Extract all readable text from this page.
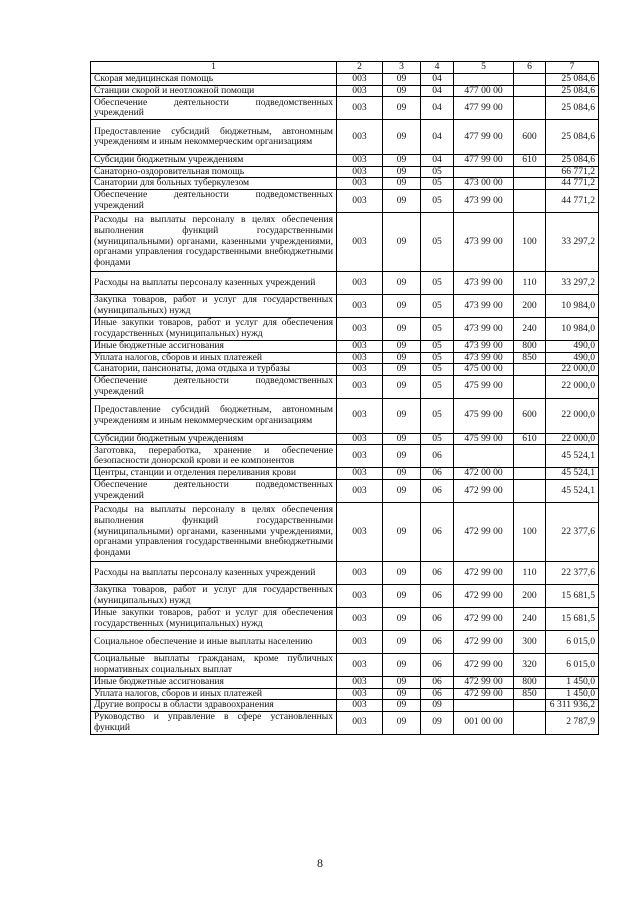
1	2	3	4	5	6	7
Скорая медицинская помощь	003	09	04			25 084,6
Станции скорой и неотложной помощи	003	09	04	477 00 00		25 084,6
Обеспечение деятельности подведомственных учреждений	003	09	04	477 99 00		25 084,6
Предоставление субсидий бюджетным, автономным учреждениям и иным некоммерческим организациям	003	09	04	477 99 00	600	25 084,6
Субсидии бюджетным учреждениям	003	09	04	477 99 00	610	25 084,6
Санаторно-оздоровительная помощь	003	09	05			66 771,2
Санатории для больных туберкулезом	003	09	05	473 00 00		44 771,2
Обеспечение деятельности подведомственных учреждений	003	09	05	473 99 00		44 771,2
Расходы на выплаты персоналу в целях обеспечения выполнения функций государственными (муниципальными) органами, казенными учреждениями, органами управления государственными внебюджетными фондами	003	09	05	473 99 00	100	33 297,2
Расходы на выплаты персоналу казенных учреждений	003	09	05	473 99 00	110	33 297,2
Закупка товаров, работ и услуг для государственных (муниципальных) нужд	003	09	05	473 99 00	200	10 984,0
Иные закупки товаров, работ и услуг для обеспечения государственных (муниципальных) нужд	003	09	05	473 99 00	240	10 984,0
Иные бюджетные ассигнования	003	09	05	473 99 00	800	490,0
Уплата налогов, сборов и иных платежей	003	09	05	473 99 00	850	490,0
Санатории, пансионаты, дома отдыха и турбазы	003	09	05	475 00 00		22 000,0
Обеспечение деятельности подведомственных учреждений	003	09	05	475 99 00		22 000,0
Предоставление субсидий бюджетным, автономным учреждениям и иным некоммерческим организациям	003	09	05	475 99 00	600	22 000,0
Субсидии бюджетным учреждениям	003	09	05	475 99 00	610	22 000,0
Заготовка, переработка, хранение и обеспечение безопасности донорской крови и ее компонентов	003	09	06			45 524,1
Центры, станции и отделения переливания крови	003	09	06	472 00 00		45 524,1
Обеспечение деятельности подведомственных учреждений	003	09	06	472 99 00		45 524,1
Расходы на выплаты персоналу в целях обеспечения выполнения функций государственными (муниципальными) органами, казенными учреждениями, органами управления государственными внебюджетными фондами	003	09	06	472 99 00	100	22 377,6
Расходы на выплаты персоналу казенных учреждений	003	09	06	472 99 00	110	22 377,6
Закупка товаров, работ и услуг для государственных (муниципальных) нужд	003	09	06	472 99 00	200	15 681,5
Иные закупки товаров, работ и услуг для обеспечения государственных (муниципальных) нужд	003	09	06	472 99 00	240	15 681,5
Социальное обеспечение и иные выплаты населению	003	09	06	472 99 00	300	6 015,0
Социальные выплаты гражданам, кроме публичных нормативных социальных выплат	003	09	06	472 99 00	320	6 015,0
Иные бюджетные ассигнования	003	09	06	472 99 00	800	1 450,0
Уплата налогов, сборов и иных платежей	003	09	06	472 99 00	850	1 450,0
Другие вопросы в области здравоохранения	003	09	09			6 311 936,2
Руководство и управление в сфере установленных функций	003	09	09	001 00 00		2 787,9
8
